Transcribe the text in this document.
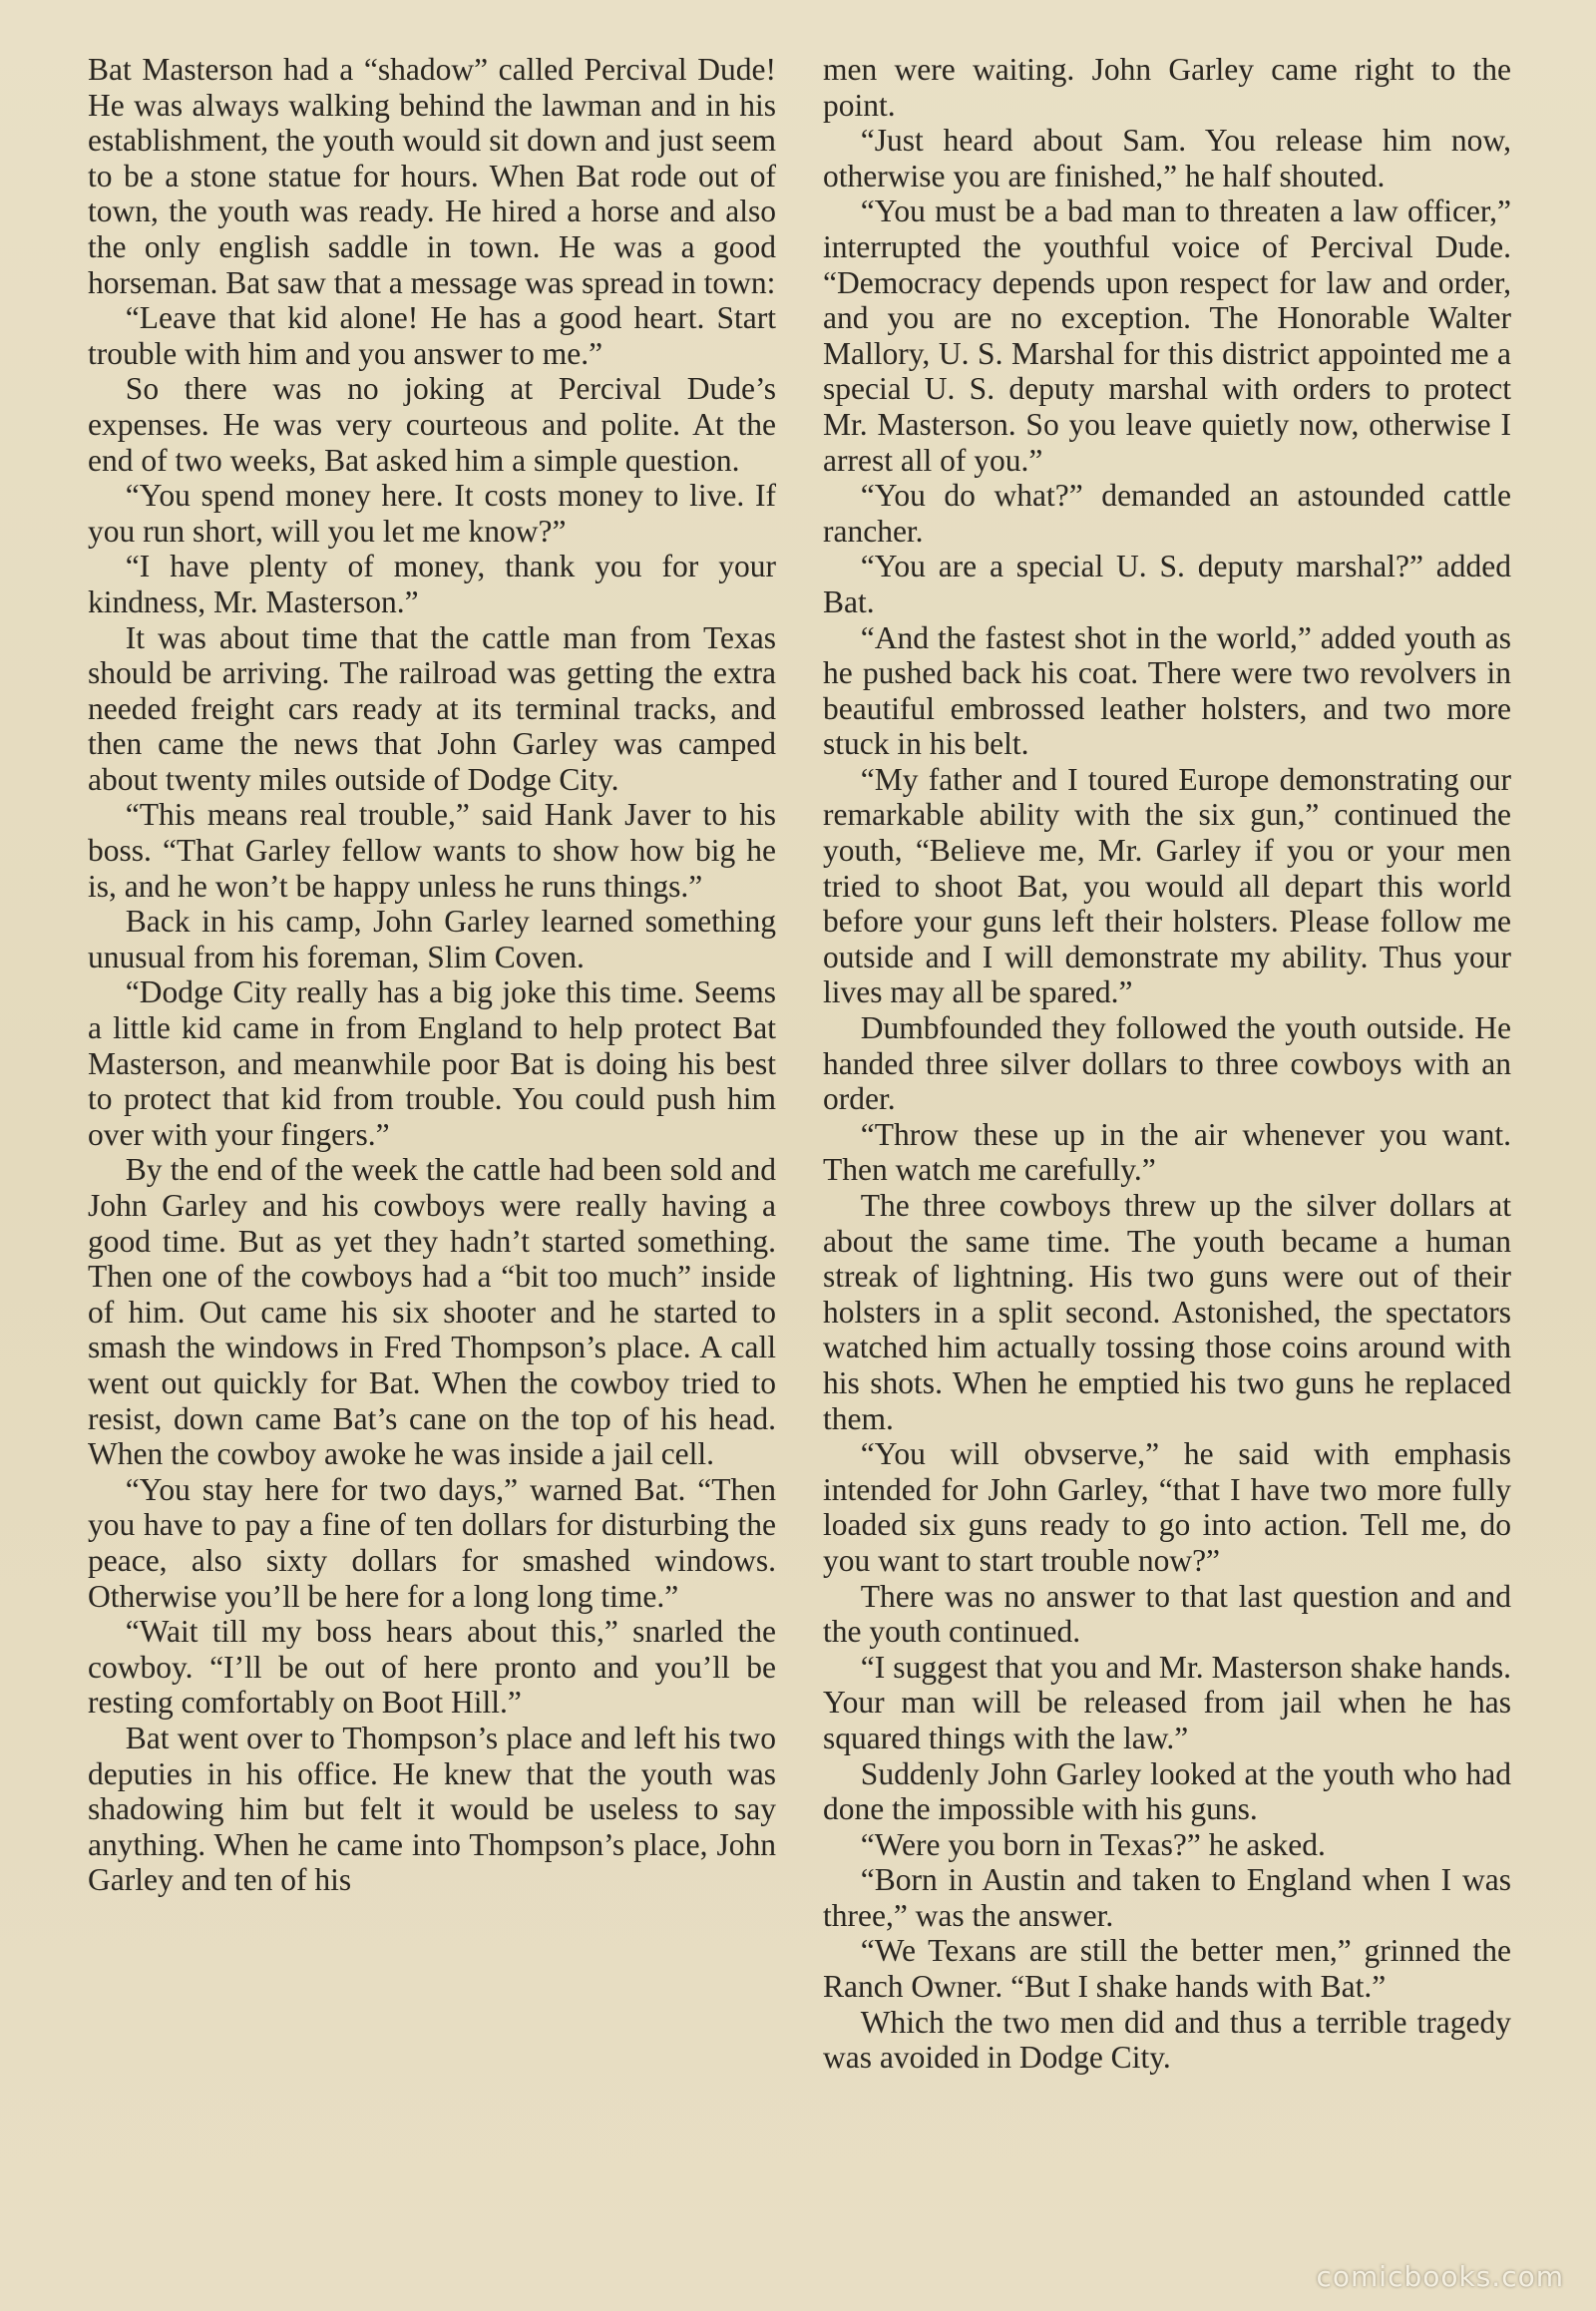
Bat Masterson had a “shadow” called Percival Dude! He was always walking behind the lawman and in his establishment, the youth would sit down and just seem to be a stone statue for hours. When Bat rode out of town, the youth was ready. He hired a horse and also the only english saddle in town. He was a good horseman. Bat saw that a message was spread in town:

“Leave that kid alone! He has a good heart. Start trouble with him and you answer to me.”

So there was no joking at Percival Dude’s expenses. He was very courteous and polite. At the end of two weeks, Bat asked him a simple question.

“You spend money here. It costs money to live. If you run short, will you let me know?”

“I have plenty of money, thank you for your kindness, Mr. Masterson.”

It was about time that the cattle man from Texas should be arriving. The railroad was getting the extra needed freight cars ready at its terminal tracks, and then came the news that John Garley was camped about twenty miles outside of Dodge City.

“This means real trouble,” said Hank Javer to his boss. “That Garley fellow wants to show how big he is, and he won’t be happy unless he runs things.”

Back in his camp, John Garley learned something unusual from his foreman, Slim Coven.

“Dodge City really has a big joke this time. Seems a little kid came in from England to help protect Bat Masterson, and meanwhile poor Bat is doing his best to protect that kid from trouble. You could push him over with your fingers.”

By the end of the week the cattle had been sold and John Garley and his cowboys were really having a good time. But as yet they hadn’t started something. Then one of the cowboys had a “bit too much” inside of him. Out came his six shooter and he started to smash the windows in Fred Thompson’s place. A call went out quickly for Bat. When the cowboy tried to resist, down came Bat’s cane on the top of his head. When the cowboy awoke he was inside a jail cell.

“You stay here for two days,” warned Bat. “Then you have to pay a fine of ten dollars for disturbing the peace, also sixty dollars for smashed windows. Otherwise you’ll be here for a long long time.”

“Wait till my boss hears about this,” snarled the cowboy. “I’ll be out of here pronto and you’ll be resting comfortably on Boot Hill.”

Bat went over to Thompson’s place and left his two deputies in his office. He knew that the youth was shadowing him but felt it would be useless to say anything. When he came into Thompson’s place, John Garley and ten of his

men were waiting. John Garley came right to the point.

“Just heard about Sam. You release him now, otherwise you are finished,” he half shouted.

“You must be a bad man to threaten a law officer,” interrupted the youthful voice of Percival Dude. “Democracy depends upon respect for law and order, and you are no exception. The Honorable Walter Mallory, U. S. Marshal for this district appointed me a special U. S. deputy marshal with orders to protect Mr. Masterson. So you leave quietly now, otherwise I arrest all of you.”

“You do what?” demanded an astounded cattle rancher.

“You are a special U. S. deputy marshal?” added Bat.

“And the fastest shot in the world,” added youth as he pushed back his coat. There were two revolvers in beautiful embrossed leather holsters, and two more stuck in his belt.

“My father and I toured Europe demonstrating our remarkable ability with the six gun,” continued the youth, “Believe me, Mr. Garley if you or your men tried to shoot Bat, you would all depart this world before your guns left their holsters. Please follow me outside and I will demonstrate my ability. Thus your lives may all be spared.”

Dumbfounded they followed the youth outside. He handed three silver dollars to three cowboys with an order.

“Throw these up in the air whenever you want. Then watch me carefully.”

The three cowboys threw up the silver dollars at about the same time. The youth became a human streak of lightning. His two guns were out of their holsters in a split second. Astonished, the spectators watched him actually tossing those coins around with his shots. When he emptied his two guns he replaced them.

“You will obvserve,” he said with emphasis intended for John Garley, “that I have two more fully loaded six guns ready to go into action. Tell me, do you want to start trouble now?”

There was no answer to that last question and and the youth continued.

“I suggest that you and Mr. Masterson shake hands. Your man will be released from jail when he has squared things with the law.”

Suddenly John Garley looked at the youth who had done the impossible with his guns.

“Were you born in Texas?” he asked.

“Born in Austin and taken to England when I was three,” was the answer.

“We Texans are still the better men,” grinned the Ranch Owner. “But I shake hands with Bat.”

Which the two men did and thus a terrible tragedy was avoided in Dodge City.

comicbooks.com
